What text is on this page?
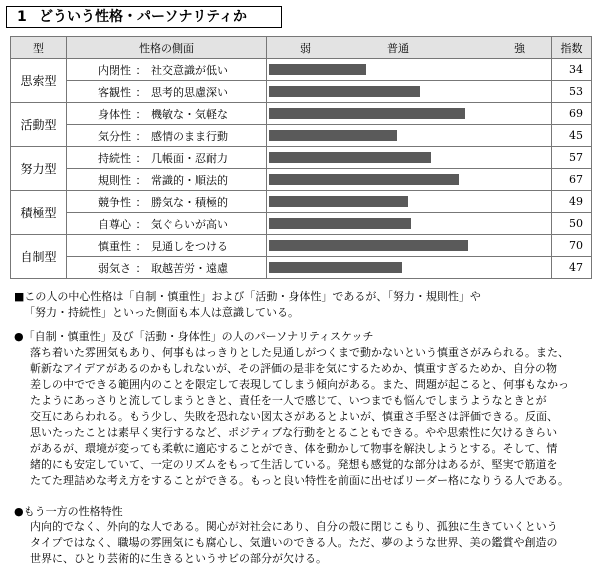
1 どういう性格・パーソナリティか
型	性格の側面	弱 普通 強	指数
思索型	内閉性 ： 社交意識が低い		34
	客観性 ： 思考的思慮深い		53
活動型	身体性 ： 機敏な・気軽な		69
	気分性 ： 感情のまま行動		45
努力型	持続性 ： 几帳面・忍耐力		57
	規則性 ： 常識的・順法的		67
積極型	競争性 ： 勝気な・積極的		49
	自尊心 ： 気ぐらいが高い		50
自制型	慎重性 ： 見通しをつける		70
	弱気さ ： 取越苦労・遠慮		47
■この人の中心性格は「自制・慎重性」および「活動・身体性」であるが、「努力・規則性」や
「努力・持続性」といった側面も本人は意識している。
●「自制・慎重性」及び「活動・身体性」の人のパーソナリティスケッチ
落ち着いた雰囲気もあり、何事もはっきりとした見通しがつくまで動かないという慎重さがみられる。また、
斬新なアイデアがあるのかもしれないが、その評価の是非を気にするためか、慎重すぎるためか、自分の物
差しの中でできる範囲内のことを限定して表現してしまう傾向がある。また、問題が起こると、何事もなかっ
たようにあっさりと流してしまうときと、責任を一人で感じて、いつまでも悩んでしまうようなときとが
交互にあらわれる。もう少し、失敗を恐れない図太さがあるとよいが、慎重さ手堅さは評価できる。反面、
思いたったことは素早く実行するなど、ポジティブな行動をとることもできる。やや思索性に欠けるきらい
があるが、環境が変っても柔軟に適応することができ、体を動かして物事を解決しようとする。そして、情
緒的にも安定していて、一定のリズムをもって生活している。発想も感覚的な部分はあるが、堅実で筋道を
たてた理詰めな考え方をすることができる。もっと良い特性を前面に出せばリーダー格になりうる人である。
●もう一方の性格特性
内向的でなく、外向的な人である。関心が対社会にあり、自分の殻に閉じこもり、孤独に生きていくという
タイプではなく、職場の雰囲気にも腐心し、気遣いのできる人。ただ、夢のような世界、美の鑑賞や創造の
世界に、ひとり芸術的に生きるというサビの部分が欠ける。
